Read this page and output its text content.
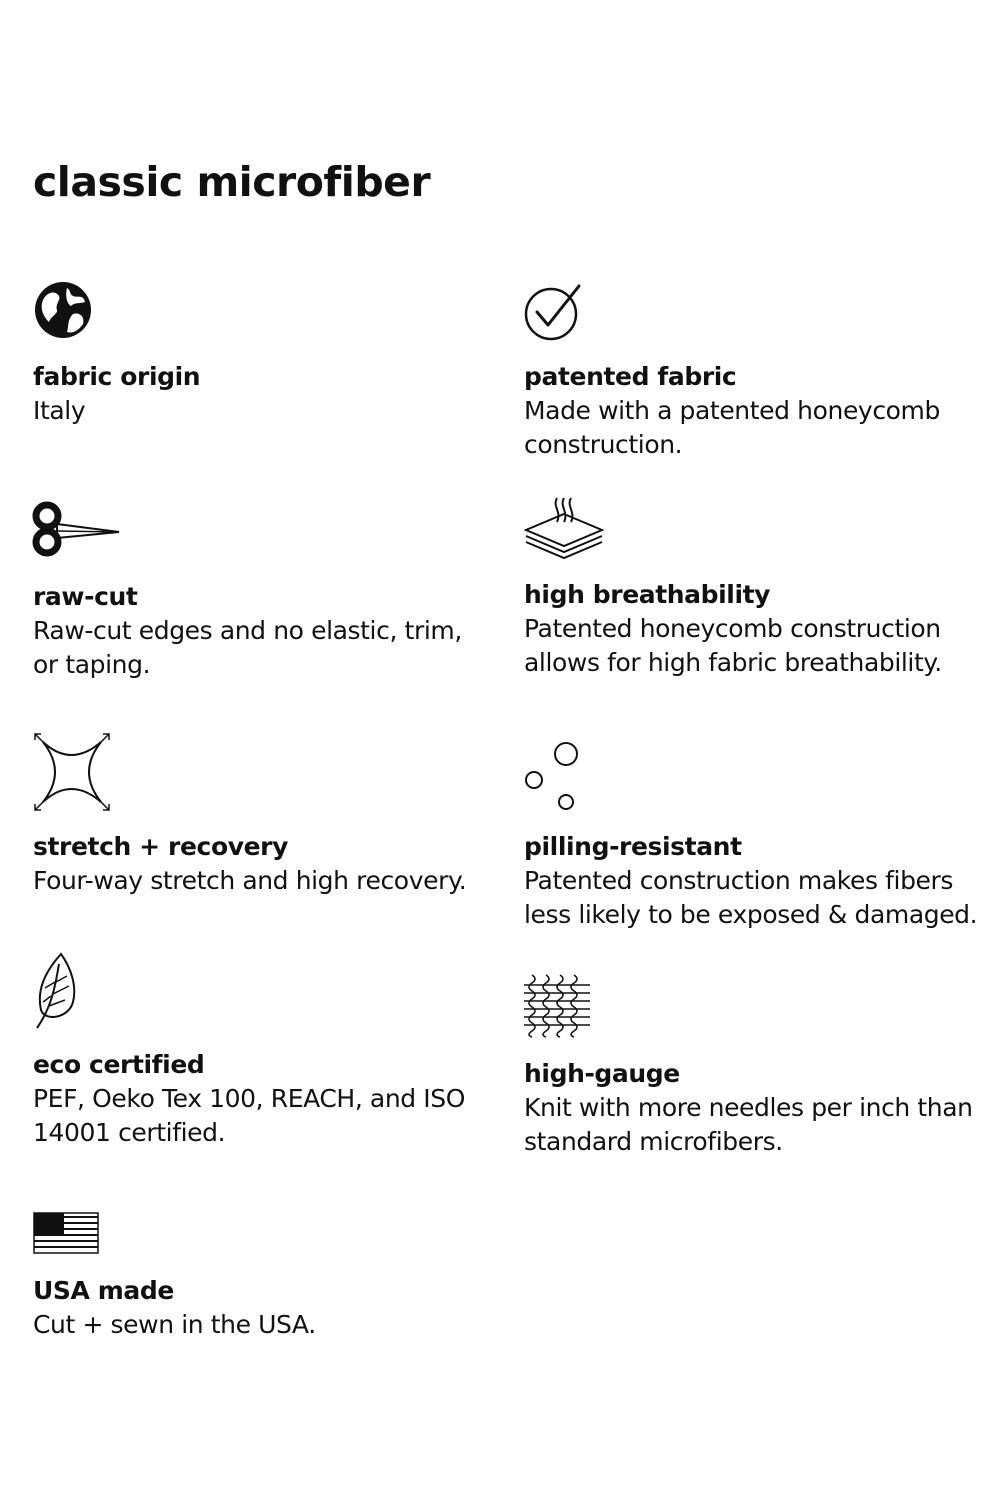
classic microfiber
fabric origin

Italy

patented fabric

Made with a patented honeycomb construction.

raw-cut

Raw-cut edges and no elastic, trim, or taping.

high breathability

Patented honeycomb construction allows for high fabric breathability.

stretch + recovery

Four-way stretch and high recovery.

pilling-resistant

Patented construction makes fibers less likely to be exposed & damaged.

eco certified

PEF, Oeko Tex 100, REACH, and ISO 14001 certified.

high-gauge

Knit with more needles per inch than standard microfibers.

USA made

Cut + sewn in the USA.
